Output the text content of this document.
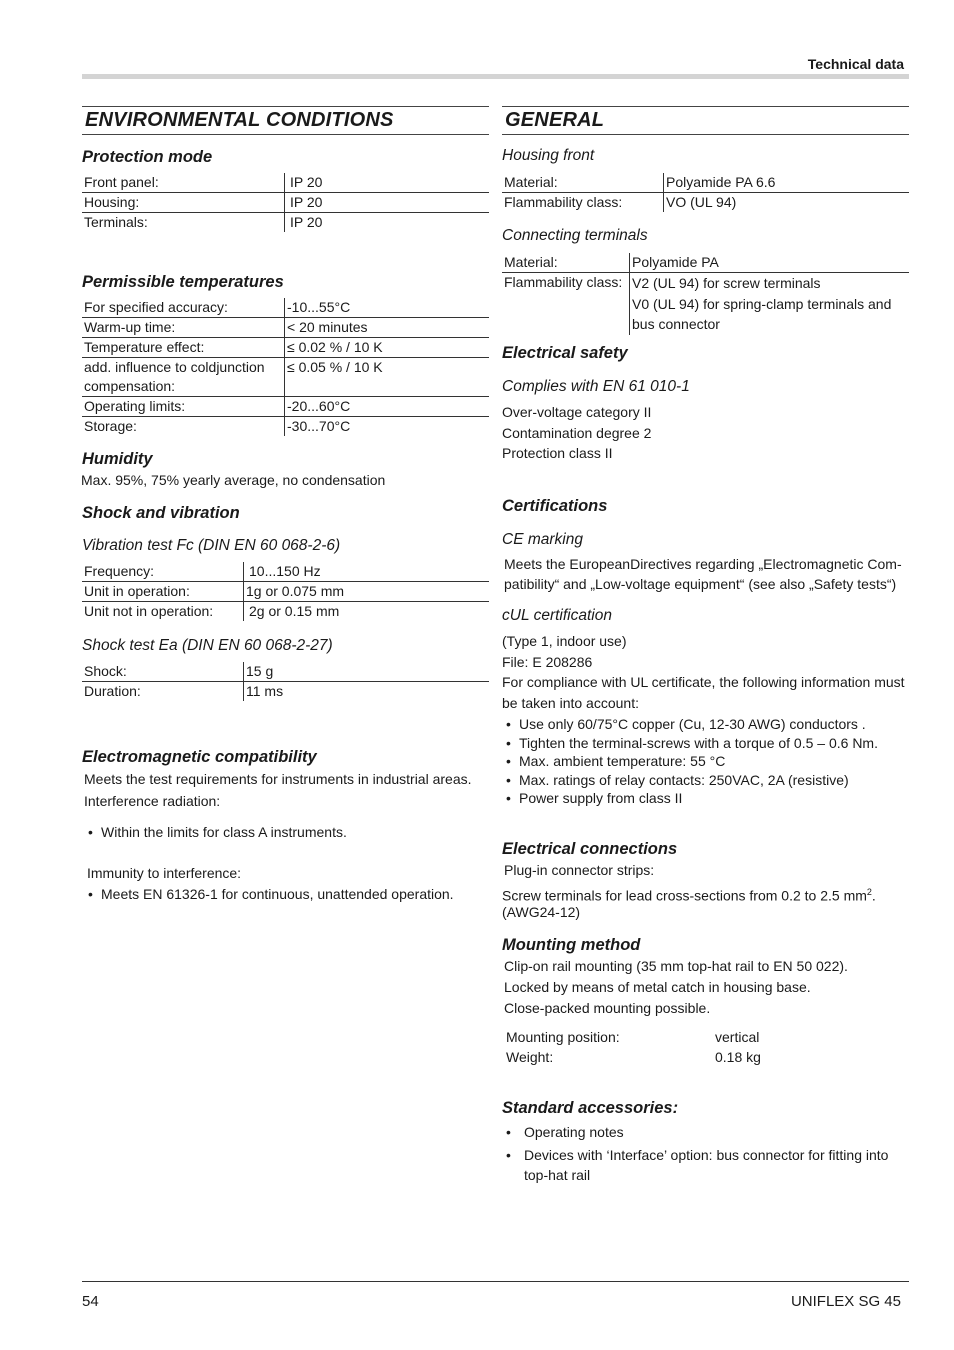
Technical data
ENVIRONMENTAL CONDITIONS
Protection mode
Front panel:	IP 20
Housing:	IP 20
Terminals:	IP 20
Permissible temperatures
For specified accuracy:	-10...55°C
Warm-up time:	< 20 minutes
Temperature effect:	≤ 0.02 % / 10 K
add. influence to coldjunction compensation:	≤ 0.05 % / 10 K
Operating limits:	-20...60°C
Storage:	-30...70°C
Humidity
Max. 95%, 75% yearly average, no condensation
Shock and vibration
Vibration test Fc (DIN EN 60 068-2-6)
Frequency:	10...150 Hz
Unit in operation:	1g or 0.075 mm
Unit not in operation:	2g or 0.15 mm
Shock test Ea (DIN EN 60 068-2-27)
Shock:	15 g
Duration:	11 ms
Electromagnetic compatibility
Meets the test requirements for instruments in industrial areas.
Interference radiation:
• Within the limits for class A instruments.
Immunity to interference:
• Meets EN 61326-1 for continuous, unattended operation.
GENERAL
Housing front
Material:	Polyamide PA 6.6
Flammability class:	VO (UL 94)
Connecting terminals
Material:	Polyamide PA
Flammability class:	V2 (UL 94) for screw terminals
V0 (UL 94) for spring-clamp terminals and
bus connector
Electrical safety
Complies with EN 61 010-1
Over-voltage category II
Contamination degree 2
Protection class II
Certifications
CE marking
Meets the EuropeanDirectives regarding „Electromagnetic Com-
patibility“ and „Low-voltage equipment“ (see also „Safety tests“)
cUL certification
(Type 1, indoor use)
File: E 208286
For compliance with UL certificate, the following information must
be taken into account:
• Use only 60/75°C copper (Cu, 12-30 AWG) conductors .
• Tighten the terminal-screws with a torque of 0.5 – 0.6 Nm.
• Max. ambient temperature: 55 °C
• Max. ratings of relay contacts: 250VAC, 2A (resistive)
• Power supply from class II
Electrical connections
Plug-in connector strips:
Screw terminals for lead cross-sections from 0.2 to 2.5 $mm^2$.
(AWG24-12)
Mounting method
Clip-on rail mounting (35 mm top-hat rail to EN 50 022).
Locked by means of metal catch in housing base.
Close-packed mounting possible.
Mounting position:	vertical
Weight:	0.18 kg
Standard accessories:
• Operating notes
• Devices with ‘Interface’ option: bus connector for fitting into
top-hat rail
54	UNIFLEX SG 45
